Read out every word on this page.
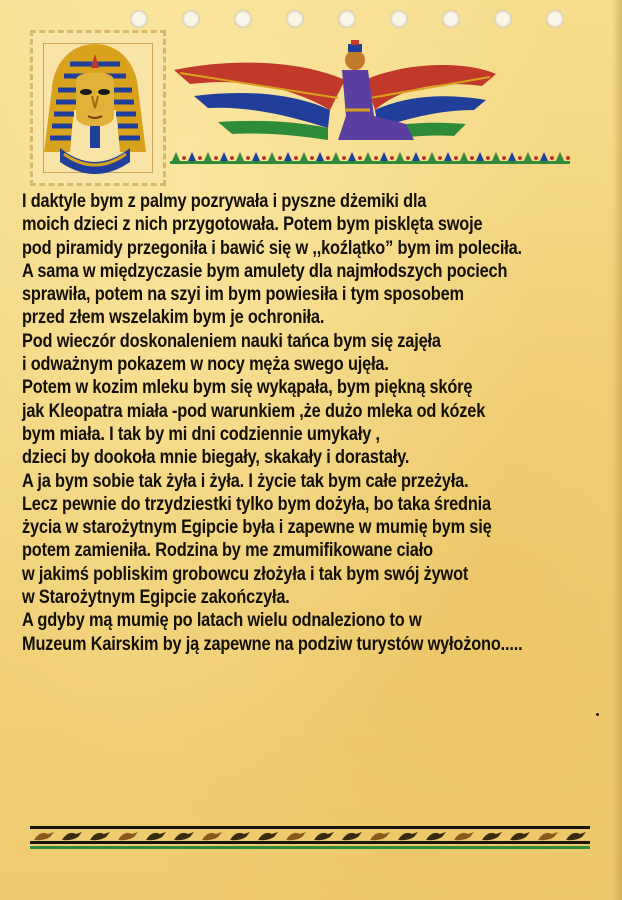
I daktyle bym z palmy pozrywała i pyszne dżemiki dla
moich dzieci z nich przygotowała. Potem bym pisklęta swoje
pod piramidy przegoniła i bawić się w ,,koźlątko” bym im poleciła.
A sama w międzyczasie bym amulety dla najmłodszych pociech
sprawiła, potem na szyi im bym powiesiła i tym sposobem
przed złem wszelakim bym je ochroniła.
Pod wieczór doskonaleniem nauki tańca bym się zajęła
i odważnym pokazem w nocy męża swego ujęła.
Potem w kozim mleku bym się wykąpała, bym piękną skórę
jak Kleopatra miała -pod warunkiem ,że dużo mleka od kózek
bym miała. I tak by mi dni codziennie umykały ,
dzieci by dookoła mnie biegały, skakały i dorastały.
A ja bym sobie tak żyła i żyła. I życie tak bym całe przeżyła.
Lecz pewnie do trzydziestki tylko bym dożyła, bo taka średnia
życia w starożytnym Egipcie była i zapewne w mumię bym się
potem zamieniła. Rodzina by me zmumifikowane ciało
w jakimś pobliskim grobowcu złożyła i tak bym swój żywot
w Starożytnym Egipcie zakończyła.
A gdyby mą mumię po latach wielu odnaleziono to w
Muzeum Kairskim by ją zapewne na podziw turystów wyłożono.....
